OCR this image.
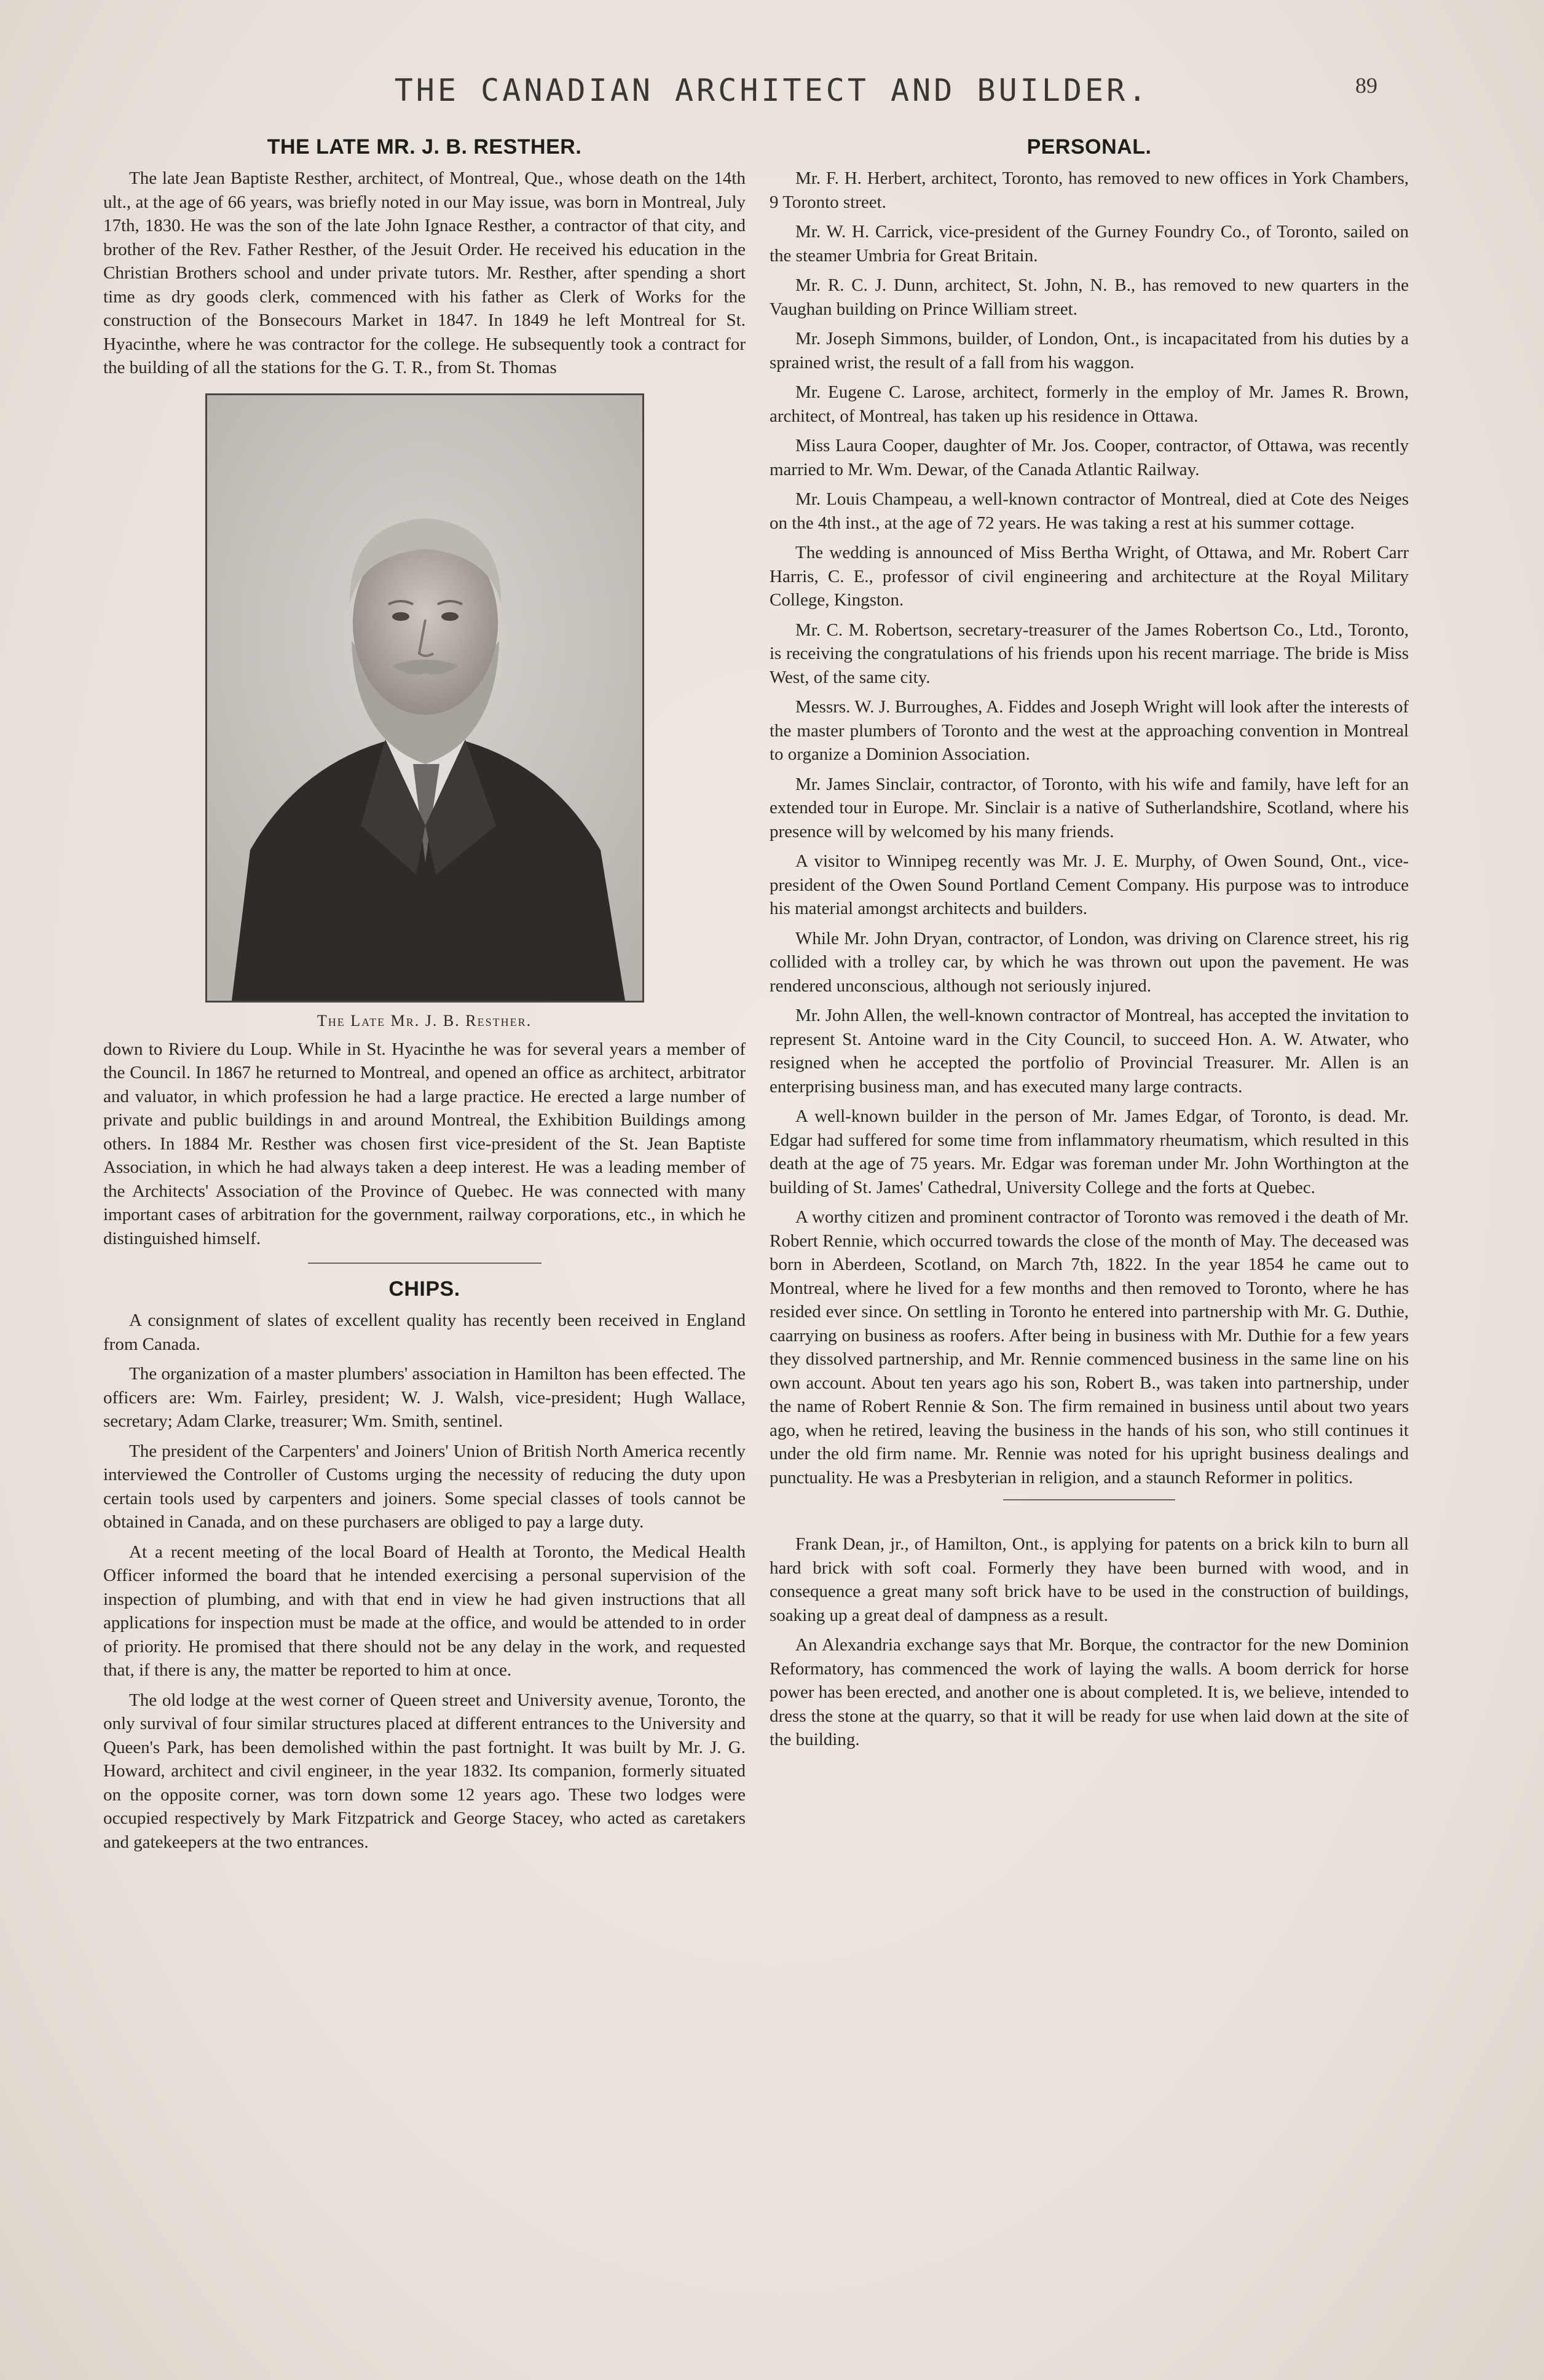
THE CANADIAN ARCHITECT AND BUILDER.	89
THE LATE MR. J. B. RESTHER.

The late Jean Baptiste Resther, architect, of Montreal, Que., whose death on the 14th ult., at the age of 66 years, was briefly noted in our May issue, was born in Montreal, July 17th, 1830. He was the son of the late John Ignace Resther, a contractor of that city, and brother of the Rev. Father Resther, of the Jesuit Order. He received his education in the Christian Brothers school and under private tutors. Mr. Resther, after spending a short time as dry goods clerk, commenced with his father as Clerk of Works for the construction of the Bonsecours Market in 1847. In 1849 he left Montreal for St. Hyacinthe, where he was contractor for the college. He subsequently took a contract for the building of all the stations for the G. T. R., from St. Thomas

The Late Mr. J. B. Resther.

down to Riviere du Loup. While in St. Hyacinthe he was for several years a member of the Council. In 1867 he returned to Montreal, and opened an office as architect, arbitrator and valuator, in which profession he had a large practice. He erected a large number of private and public buildings in and around Montreal, the Exhibition Buildings among others. In 1884 Mr. Resther was chosen first vice-president of the St. Jean Baptiste Association, in which he had always taken a deep interest. He was a leading member of the Architects' Association of the Province of Quebec. He was connected with many important cases of arbitration for the government, railway corporations, etc., in which he distinguished himself.

CHIPS.

A consignment of slates of excellent quality has recently been received in England from Canada.

The organization of a master plumbers' association in Hamilton has been effected. The officers are: Wm. Fairley, president; W. J. Walsh, vice-president; Hugh Wallace, secretary; Adam Clarke, treasurer; Wm. Smith, sentinel.

The president of the Carpenters' and Joiners' Union of British North America recently interviewed the Controller of Customs urging the necessity of reducing the duty upon certain tools used by carpenters and joiners. Some special classes of tools cannot be obtained in Canada, and on these purchasers are obliged to pay a large duty.

At a recent meeting of the local Board of Health at Toronto, the Medical Health Officer informed the board that he intended exercising a personal supervision of the inspection of plumbing, and with that end in view he had given instructions that all applications for inspection must be made at the office, and would be attended to in order of priority. He promised that there should not be any delay in the work, and requested that, if there is any, the matter be reported to him at once.

The old lodge at the west corner of Queen street and University avenue, Toronto, the only survival of four similar structures placed at different entrances to the University and Queen's Park, has been demolished within the past fortnight. It was built by Mr. J. G. Howard, architect and civil engineer, in the year 1832. Its companion, formerly situated on the opposite corner, was torn down some 12 years ago. These two lodges were occupied respectively by Mark Fitzpatrick and George Stacey, who acted as caretakers and gatekeepers at the two entrances.

PERSONAL.

Mr. F. H. Herbert, architect, Toronto, has removed to new offices in York Chambers, 9 Toronto street.

Mr. W. H. Carrick, vice-president of the Gurney Foundry Co., of Toronto, sailed on the steamer Umbria for Great Britain.

Mr. R. C. J. Dunn, architect, St. John, N. B., has removed to new quarters in the Vaughan building on Prince William street.

Mr. Joseph Simmons, builder, of London, Ont., is incapacitated from his duties by a sprained wrist, the result of a fall from his waggon.

Mr. Eugene C. Larose, architect, formerly in the employ of Mr. James R. Brown, architect, of Montreal, has taken up his residence in Ottawa.

Miss Laura Cooper, daughter of Mr. Jos. Cooper, contractor, of Ottawa, was recently married to Mr. Wm. Dewar, of the Canada Atlantic Railway.

Mr. Louis Champeau, a well-known contractor of Montreal, died at Cote des Neiges on the 4th inst., at the age of 72 years. He was taking a rest at his summer cottage.

The wedding is announced of Miss Bertha Wright, of Ottawa, and Mr. Robert Carr Harris, C. E., professor of civil engineering and architecture at the Royal Military College, Kingston.

Mr. C. M. Robertson, secretary-treasurer of the James Robertson Co., Ltd., Toronto, is receiving the congratulations of his friends upon his recent marriage. The bride is Miss West, of the same city.

Messrs. W. J. Burroughes, A. Fiddes and Joseph Wright will look after the interests of the master plumbers of Toronto and the west at the approaching convention in Montreal to organize a Dominion Association.

Mr. James Sinclair, contractor, of Toronto, with his wife and family, have left for an extended tour in Europe. Mr. Sinclair is a native of Sutherlandshire, Scotland, where his presence will by welcomed by his many friends.

A visitor to Winnipeg recently was Mr. J. E. Murphy, of Owen Sound, Ont., vice-president of the Owen Sound Portland Cement Company. His purpose was to introduce his material amongst architects and builders.

While Mr. John Dryan, contractor, of London, was driving on Clarence street, his rig collided with a trolley car, by which he was thrown out upon the pavement. He was rendered unconscious, although not seriously injured.

Mr. John Allen, the well-known contractor of Montreal, has accepted the invitation to represent St. Antoine ward in the City Council, to succeed Hon. A. W. Atwater, who resigned when he accepted the portfolio of Provincial Treasurer. Mr. Allen is an enterprising business man, and has executed many large contracts.

A well-known builder in the person of Mr. James Edgar, of Toronto, is dead. Mr. Edgar had suffered for some time from inflammatory rheumatism, which resulted in this death at the age of 75 years. Mr. Edgar was foreman under Mr. John Worthington at the building of St. James' Cathedral, University College and the forts at Quebec.

A worthy citizen and prominent contractor of Toronto was removed i the death of Mr. Robert Rennie, which occurred towards the close of the month of May. The deceased was born in Aberdeen, Scotland, on March 7th, 1822. In the year 1854 he came out to Montreal, where he lived for a few months and then removed to Toronto, where he has resided ever since. On settling in Toronto he entered into partnership with Mr. G. Duthie, caarrying on business as roofers. After being in business with Mr. Duthie for a few years they dissolved partnership, and Mr. Rennie commenced business in the same line on his own account. About ten years ago his son, Robert B., was taken into partnership, under the name of Robert Rennie & Son. The firm remained in business until about two years ago, when he retired, leaving the business in the hands of his son, who still continues it under the old firm name. Mr. Rennie was noted for his upright business dealings and punctuality. He was a Presbyterian in religion, and a staunch Reformer in politics.

Frank Dean, jr., of Hamilton, Ont., is applying for patents on a brick kiln to burn all hard brick with soft coal. Formerly they have been burned with wood, and in consequence a great many soft brick have to be used in the construction of buildings, soaking up a great deal of dampness as a result.

An Alexandria exchange says that Mr. Borque, the contractor for the new Dominion Reformatory, has commenced the work of laying the walls. A boom derrick for horse power has been erected, and another one is about completed. It is, we believe, intended to dress the stone at the quarry, so that it will be ready for use when laid down at the site of the building.
